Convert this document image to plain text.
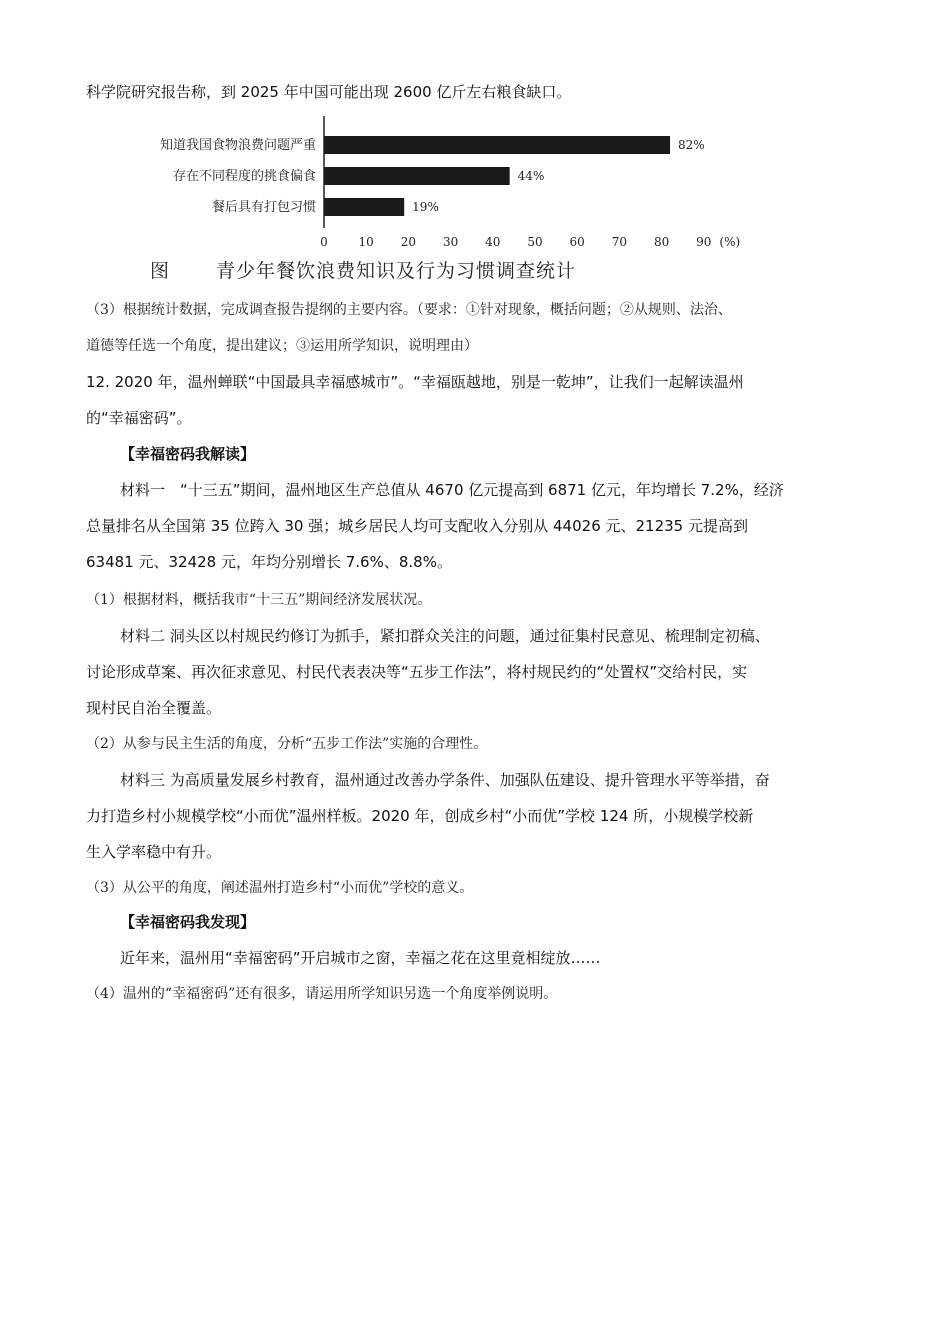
科学院研究报告称，到 2025 年中国可能出现 2600 亿斤左右粮食缺口。
知道我国食物浪费问题严重	82%
存在不同程度的挑食偏食	44%
餐后具有打包习惯	19%
0	10 20 30 40 50 60 70 80 90 (%)
图 青少年餐饮浪费知识及行为习惯调查统计
（3）根据统计数据，完成调查报告提纲的主要内容。（要求：①针对现象，概括问题；②从规则、法治、
道德等任选一个角度，提出建议；③运用所学知识，说明理由）
12. 2020 年，温州蝉联“中国最具幸福感城市”。“幸福瓯越地，别是一乾坤”，让我们一起解读温州
的“幸福密码”。
【幸福密码我解读】
材料一　“十三五”期间，温州地区生产总值从 4670 亿元提高到 6871 亿元，年均增长 7.2%，经济
总量排名从全国第 35 位跨入 30 强；城乡居民人均可支配收入分别从 44026 元、21235 元提高到
63481 元、32428 元，年均分别增长 7.6%、8.8%。
（1）根据材料，概括我市“十三五”期间经济发展状况。
材料二 洞头区以村规民约修订为抓手，紧扣群众关注的问题，通过征集村民意见、梳理制定初稿、
讨论形成草案、再次征求意见、村民代表表决等“五步工作法”，将村规民约的“处置权”交给村民，实
现村民自治全覆盖。
（2）从参与民主生活的角度，分析“五步工作法”实施的合理性。
材料三 为高质量发展乡村教育，温州通过改善办学条件、加强队伍建设、提升管理水平等举措，奋
力打造乡村小规模学校“小而优”温州样板。2020 年，创成乡村“小而优”学校 124 所，小规模学校新
生入学率稳中有升。
（3）从公平的角度，阐述温州打造乡村“小而优”学校的意义。
【幸福密码我发现】
近年来，温州用“幸福密码”开启城市之窗，幸福之花在这里竟相绽放……
（4）温州的“幸福密码”还有很多，请运用所学知识另选一个角度举例说明。
